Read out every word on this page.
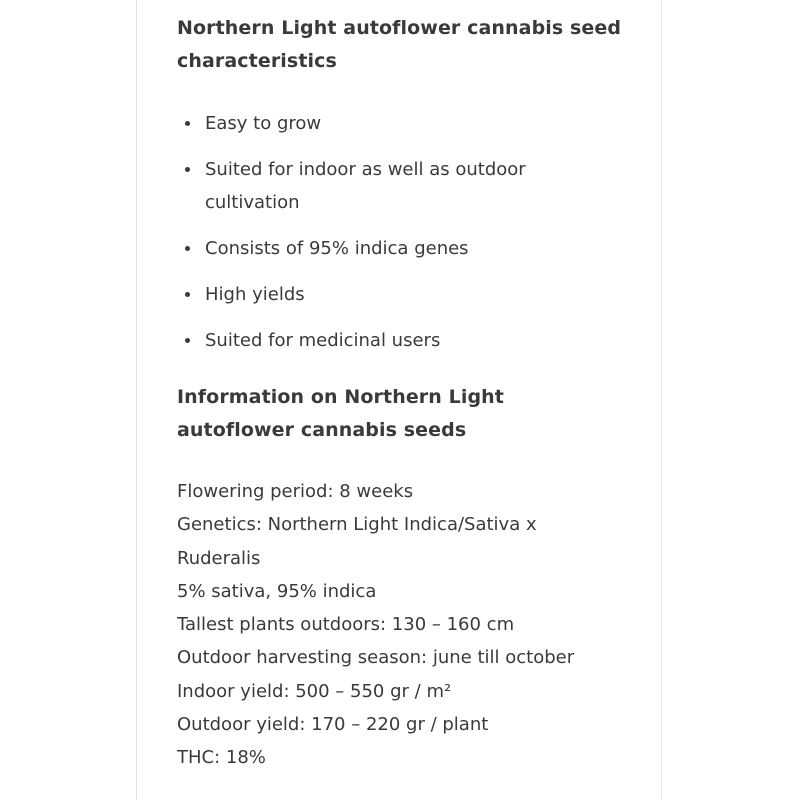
Northern Light autoflower cannabis seed characteristics
Easy to grow
Suited for indoor as well as outdoor cultivation
Consists of 95% indica genes
High yields
Suited for medicinal users
Information on Northern Light autoflower cannabis seeds

Flowering period: 8 weeks

Genetics: Northern Light Indica/Sativa x Ruderalis

5% sativa, 95% indica

Tallest plants outdoors: 130 – 160 cm

Outdoor harvesting season: june till october

Indoor yield: 500 – 550 gr / m²

Outdoor yield: 170 – 220 gr / plant

THC: 18%
